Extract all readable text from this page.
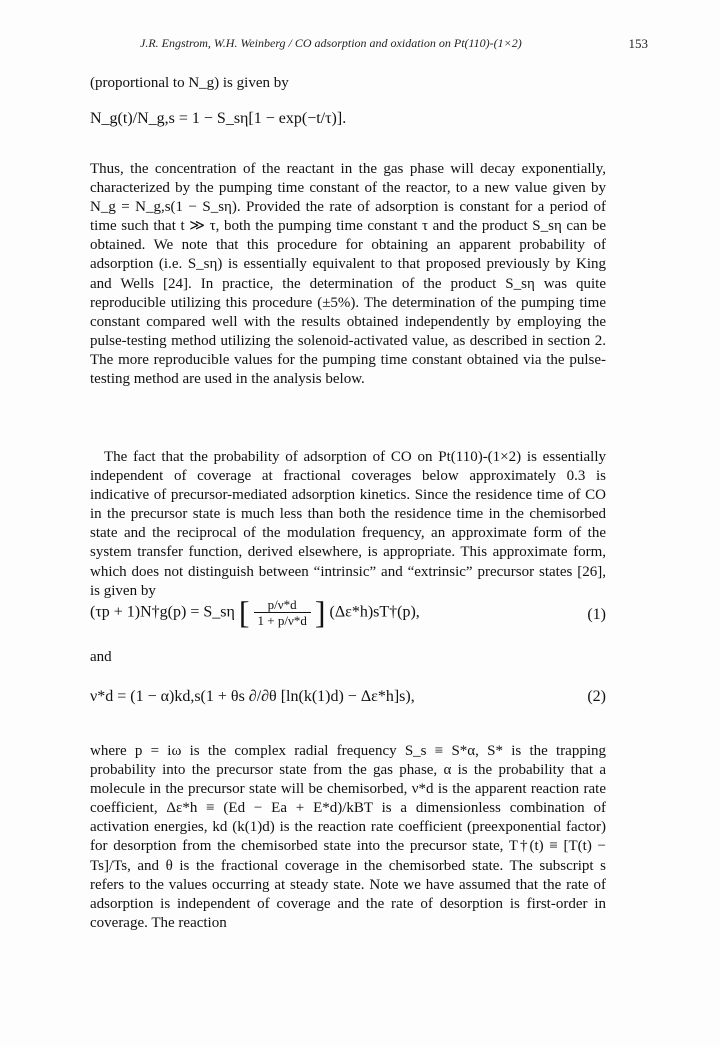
J.R. Engstrom, W.H. Weinberg / CO adsorption and oxidation on Pt(110)-(1×2)	153
(proportional to N_g) is given by
N_g(t)/N_g,s = 1 − S_sη[1 − exp(−t/τ)].

Thus, the concentration of the reactant in the gas phase will decay exponentially, characterized by the pumping time constant of the reactor, to a new value given by N_g = N_g,s(1 − S_sη). Provided the rate of adsorption is constant for a period of time such that t ≫ τ, both the pumping time constant τ and the product S_sη can be obtained. We note that this procedure for obtaining an apparent probability of adsorption (i.e. S_sη) is essentially equivalent to that proposed previously by King and Wells [24]. In practice, the determination of the product S_sη was quite reproducible utilizing this procedure (±5%). The determination of the pumping time constant compared well with the results obtained independently by employing the pulse-testing method utilizing the solenoid-activated value, as described in section 2. The more reproducible values for the pumping time constant obtained via the pulse-testing method are used in the analysis below.

The fact that the probability of adsorption of CO on Pt(110)-(1×2) is essentially independent of coverage at fractional coverages below approximately 0.3 is indicative of precursor-mediated adsorption kinetics. Since the residence time of CO in the precursor state is much less than both the residence time in the chemisorbed state and the reciprocal of the modulation frequency, an approximate form of the system transfer function, derived elsewhere, is appropriate. This approximate form, which does not distinguish between “intrinsic” and “extrinsic” precursor states [26], is given by

(τp + 1)N†g(p) = S_sη [ $\frac{p/\nu*d}{1 + p/\nu*d}$ ] (Δε*h)sT†(p),	(1)
and
ν*d = (1 − α)kd,s(1 + θs ∂/∂θ [ln(k(1)d) − Δε*h]s),	(2)

where p = iω is the complex radial frequency S_s ≡ S*α, S* is the trapping probability into the precursor state from the gas phase, α is the probability that a molecule in the precursor state will be chemisorbed, ν*d is the apparent reaction rate coefficient, Δε*h ≡ (Ed − Ea + E*d)/kBT is a dimensionless combination of activation energies, kd (k(1)d) is the reaction rate coefficient (preexponential factor) for desorption from the chemisorbed state into the precursor state, T†(t) ≡ [T(t) − Ts]/Ts, and θ is the fractional coverage in the chemisorbed state. The subscript s refers to the values occurring at steady state. Note we have assumed that the rate of adsorption is independent of coverage and the rate of desorption is first-order in coverage. The reaction
